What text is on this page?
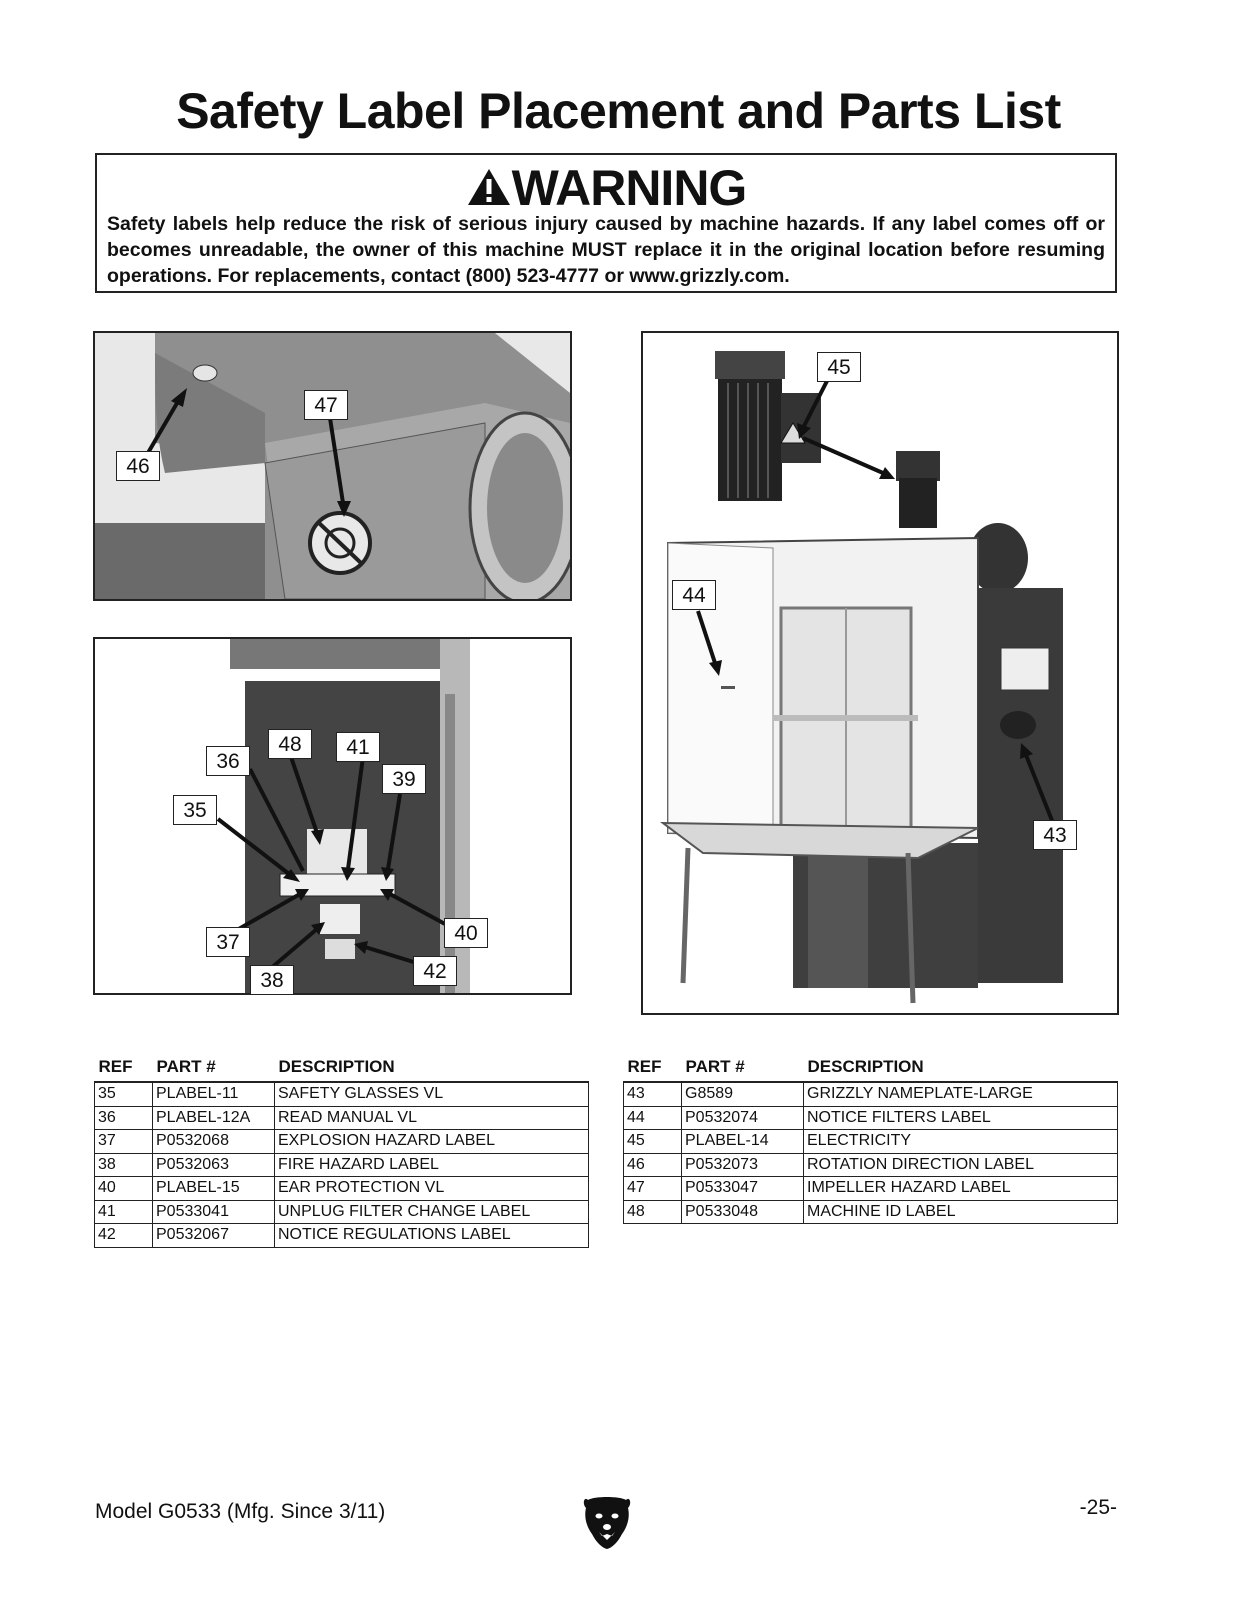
Safety Label Placement and Parts List
WARNING
Safety labels help reduce the risk of serious injury caused by machine hazards. If any label comes off or becomes unreadable, the owner of this machine MUST replace it in the original location before resuming operations. For replacements, contact (800) 523-4777 or www.grizzly.com.
46
47
36
48	41
39
35
37	40
42
38
45
44
43
REF	PART #	DESCRIPTION
35	PLABEL-11	SAFETY GLASSES VL
36	PLABEL-12A	READ MANUAL VL
37	P0532068	EXPLOSION HAZARD LABEL
38	P0532063	FIRE HAZARD LABEL
40	PLABEL-15	EAR PROTECTION VL
41	P0533041	UNPLUG FILTER CHANGE LABEL
42	P0532067	NOTICE REGULATIONS LABEL
REF	PART #	DESCRIPTION
43	G8589	GRIZZLY NAMEPLATE-LARGE
44	P0532074	NOTICE FILTERS LABEL
45	PLABEL-14	ELECTRICITY
46	P0532073	ROTATION DIRECTION LABEL
47	P0533047	IMPELLER HAZARD LABEL
48	P0533048	MACHINE ID LABEL
Model G0533 (Mfg. Since 3/11)	-25-
